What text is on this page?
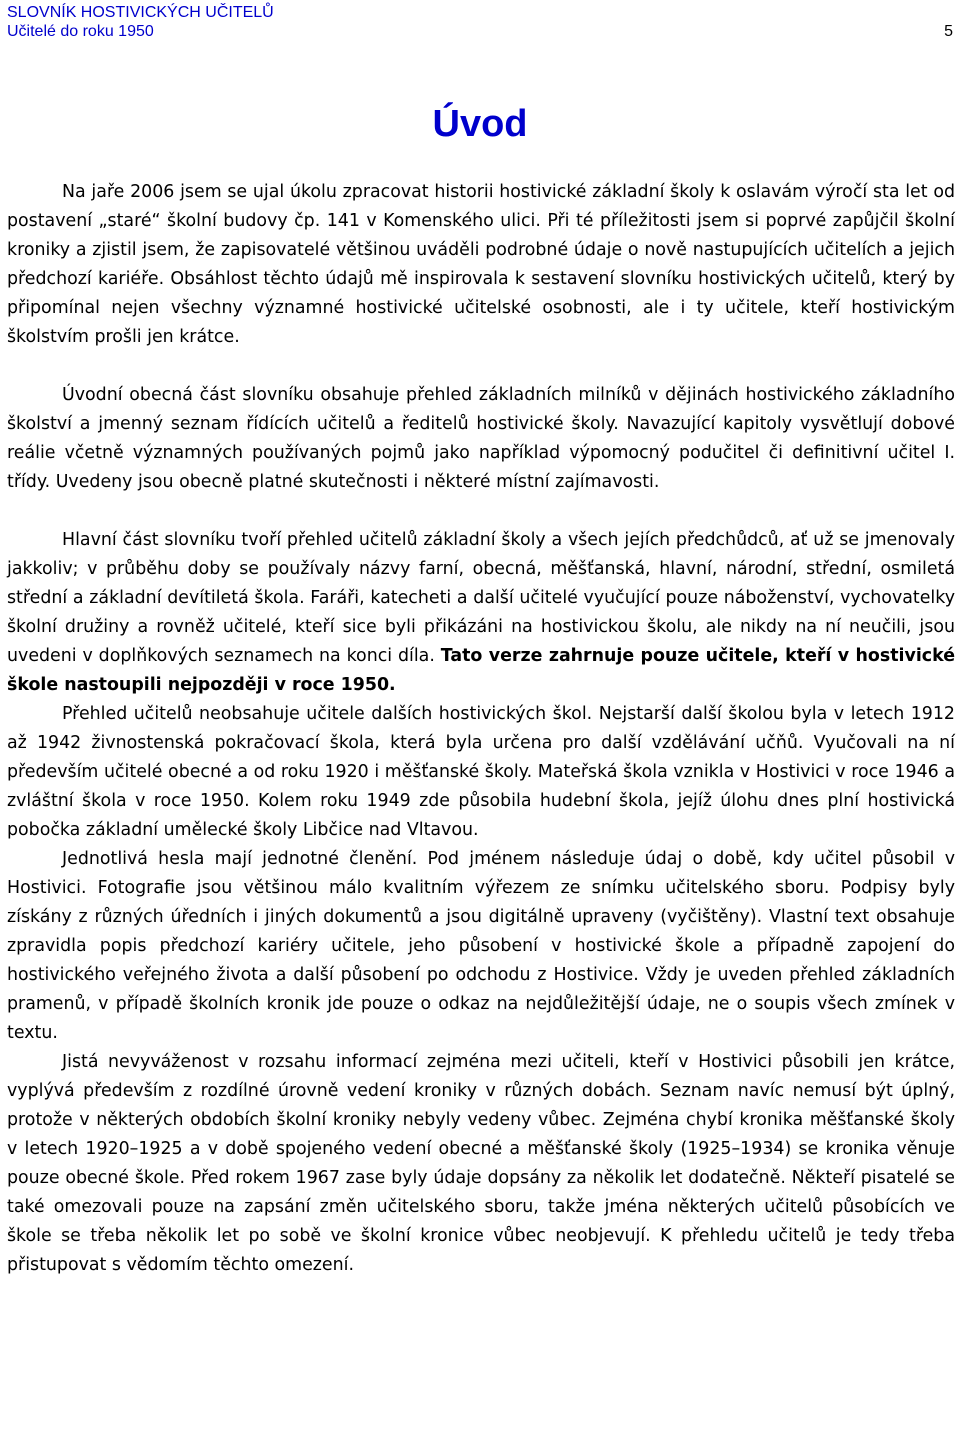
SLOVNÍK HOSTIVICKÝCH UČITELŮ
Učitelé do roku 1950	5
Úvod

Na jaře 2006 jsem se ujal úkolu zpracovat historii hostivické základní školy k oslavám výročí sta let od postavení „staré“ školní budovy čp. 141 v Komenského ulici. Při té příležitosti jsem si poprvé zapůjčil školní kroniky a zjistil jsem, že zapisovatelé většinou uváděli podrobné údaje o nově nastupujících učitelích a jejich předchozí kariéře. Obsáhlost těchto údajů mě inspirovala k sestavení slovníku hostivických učitelů, který by připomínal nejen všechny významné hostivické učitelské osobnosti, ale i ty učitele, kteří hostivickým školstvím prošli jen krátce.

Úvodní obecná část slovníku obsahuje přehled základních milníků v dějinách hostivického základního školství a jmenný seznam řídících učitelů a ředitelů hostivické školy. Navazující kapitoly vysvětlují dobové reálie včetně významných používaných pojmů jako například výpomocný podučitel či definitivní učitel I. třídy. Uvedeny jsou obecně platné skutečnosti i některé místní zajímavosti.

Hlavní část slovníku tvoří přehled učitelů základní školy a všech jejích předchůdců, ať už se jmenovaly jakkoliv; v průběhu doby se používaly názvy farní, obecná, měšťanská, hlavní, národní, střední, osmiletá střední a základní devítiletá škola. Faráři, katecheti a další učitelé vyučující pouze náboženství, vychovatelky školní družiny a rovněž učitelé, kteří sice byli přikázáni na hostivickou školu, ale nikdy na ní neučili, jsou uvedeni v doplňkových seznamech na konci díla. Tato verze zahrnuje pouze učitele, kteří v hostivické škole nastoupili nejpozději v roce 1950.

Přehled učitelů neobsahuje učitele dalších hostivických škol. Nejstarší další školou byla v letech 1912 až 1942 živnostenská pokračovací škola, která byla určena pro další vzdělávání učňů. Vyučovali na ní především učitelé obecné a od roku 1920 i měšťanské školy. Mateřská škola vznikla v Hostivici v roce 1946 a zvláštní škola v roce 1950. Kolem roku 1949 zde působila hudební škola, jejíž úlohu dnes plní hostivická pobočka základní umělecké školy Libčice nad Vltavou.

Jednotlivá hesla mají jednotné členění. Pod jménem následuje údaj o době, kdy učitel působil v Hostivici. Fotografie jsou většinou málo kvalitním výřezem ze snímku učitelského sboru. Podpisy byly získány z různých úředních i jiných dokumentů a jsou digitálně upraveny (vyčištěny). Vlastní text obsahuje zpravidla popis předchozí kariéry učitele, jeho působení v hostivické škole a případně zapojení do hostivického veřejného života a další působení po odchodu z Hostivice. Vždy je uveden přehled základních pramenů, v případě školních kronik jde pouze o odkaz na nejdůležitější údaje, ne o soupis všech zmínek v textu.

Jistá nevyváženost v rozsahu informací zejména mezi učiteli, kteří v Hostivici působili jen krátce, vyplývá především z rozdílné úrovně vedení kroniky v různých dobách. Seznam navíc nemusí být úplný, protože v některých obdobích školní kroniky nebyly vedeny vůbec. Zejména chybí kronika měšťanské školy v letech 1920–1925 a v době spojeného vedení obecné a měšťanské školy (1925–1934) se kronika věnuje pouze obecné škole. Před rokem 1967 zase byly údaje dopsány za několik let dodatečně. Někteří pisatelé se také omezovali pouze na zapsání změn učitelského sboru, takže jména některých učitelů působících ve škole se třeba několik let po sobě ve školní kronice vůbec neobjevují. K přehledu učitelů je tedy třeba přistupovat s vědomím těchto omezení.
